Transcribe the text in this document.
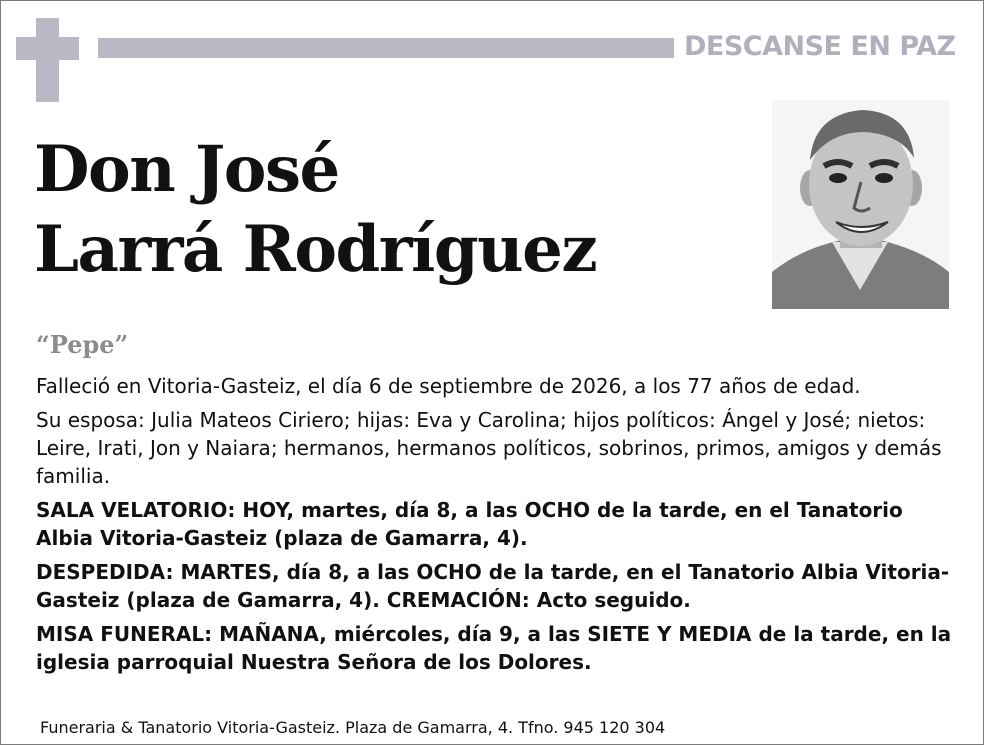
DESCANSE EN PAZ
Don José
Larrá Rodríguez
“Pepe”

Falleció en Vitoria-Gasteiz, el día 6 de septiembre de 2026, a los 77 años de edad.

Su esposa: Julia Mateos Ciriero; hijas: Eva y Carolina; hijos políticos: Ángel y José; nietos: Leire, Irati, Jon y Naiara; hermanos, hermanos políticos, sobrinos, primos, amigos y demás familia.

SALA VELATORIO: HOY, martes, día 8, a las OCHO de la tarde, en el Tanatorio Albia Vitoria-Gasteiz (plaza de Gamarra, 4).

DESPEDIDA: MARTES, día 8, a las OCHO de la tarde, en el Tanatorio Albia Vitoria-Gasteiz (plaza de Gamarra, 4). CREMACIÓN: Acto seguido.

MISA FUNERAL: MAÑANA, miércoles, día 9, a las SIETE Y MEDIA de la tarde, en la iglesia parroquial Nuestra Señora de los Dolores.

Funeraria & Tanatorio Vitoria-Gasteiz. Plaza de Gamarra, 4. Tfno. 945 120 304
